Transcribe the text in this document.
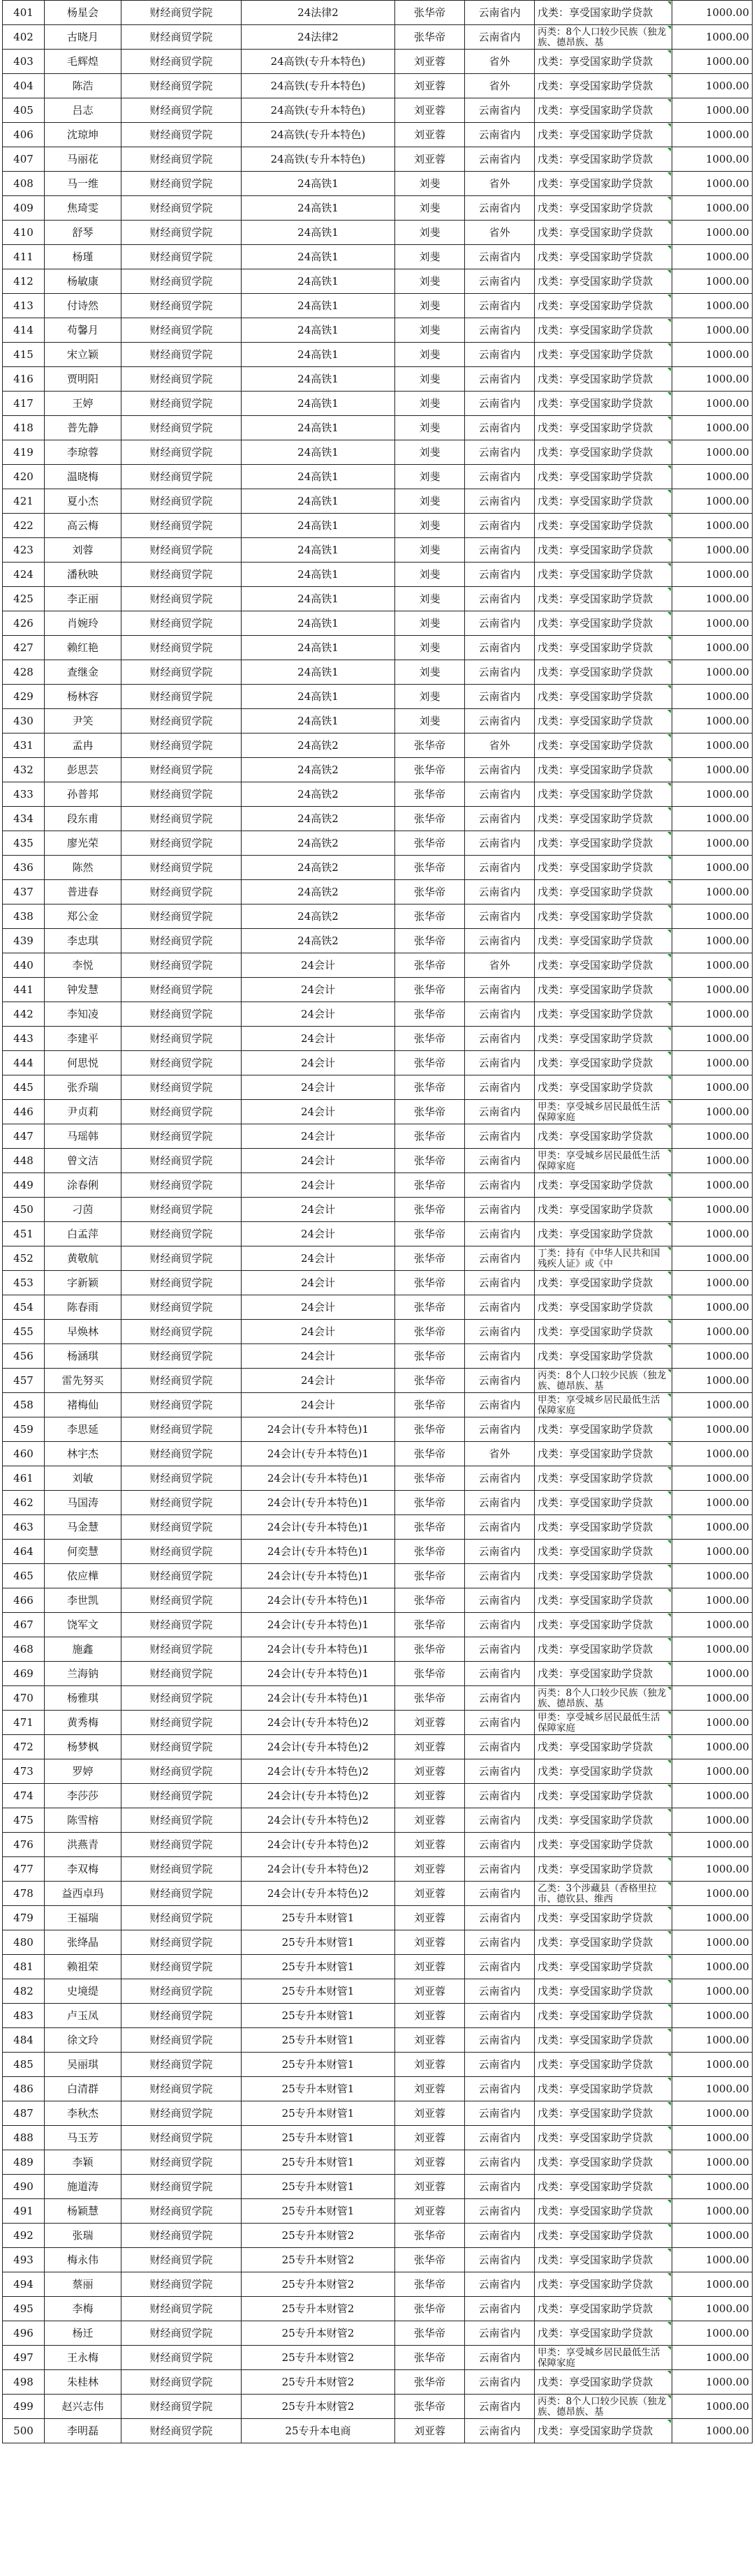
401	杨星会	财经商贸学院	24法律2	张华帝	云南省内	戊类：享受国家助学贷款	1000.00
402	古晓月	财经商贸学院	24法律2	张华帝	云南省内	丙类：8个人口较少民族（独龙族、德昂族、基	1000.00
403	毛辉煌	财经商贸学院	24高铁(专升本特色)	刘亚蓉	省外	戊类：享受国家助学贷款	1000.00
404	陈浩	财经商贸学院	24高铁(专升本特色)	刘亚蓉	省外	戊类：享受国家助学贷款	1000.00
405	吕志	财经商贸学院	24高铁(专升本特色)	刘亚蓉	云南省内	戊类：享受国家助学贷款	1000.00
406	沈琼坤	财经商贸学院	24高铁(专升本特色)	刘亚蓉	云南省内	戊类：享受国家助学贷款	1000.00
407	马丽花	财经商贸学院	24高铁(专升本特色)	刘亚蓉	云南省内	戊类：享受国家助学贷款	1000.00
408	马一维	财经商贸学院	24高铁1	刘斐	省外	戊类：享受国家助学贷款	1000.00
409	焦琦雯	财经商贸学院	24高铁1	刘斐	云南省内	戊类：享受国家助学贷款	1000.00
410	舒琴	财经商贸学院	24高铁1	刘斐	省外	戊类：享受国家助学贷款	1000.00
411	杨瑾	财经商贸学院	24高铁1	刘斐	云南省内	戊类：享受国家助学贷款	1000.00
412	杨敏康	财经商贸学院	24高铁1	刘斐	云南省内	戊类：享受国家助学贷款	1000.00
413	付诗然	财经商贸学院	24高铁1	刘斐	云南省内	戊类：享受国家助学贷款	1000.00
414	苟馨月	财经商贸学院	24高铁1	刘斐	云南省内	戊类：享受国家助学贷款	1000.00
415	宋立颖	财经商贸学院	24高铁1	刘斐	云南省内	戊类：享受国家助学贷款	1000.00
416	贾明阳	财经商贸学院	24高铁1	刘斐	云南省内	戊类：享受国家助学贷款	1000.00
417	王婷	财经商贸学院	24高铁1	刘斐	云南省内	戊类：享受国家助学贷款	1000.00
418	普先静	财经商贸学院	24高铁1	刘斐	云南省内	戊类：享受国家助学贷款	1000.00
419	李琼蓉	财经商贸学院	24高铁1	刘斐	云南省内	戊类：享受国家助学贷款	1000.00
420	温晓梅	财经商贸学院	24高铁1	刘斐	云南省内	戊类：享受国家助学贷款	1000.00
421	夏小杰	财经商贸学院	24高铁1	刘斐	云南省内	戊类：享受国家助学贷款	1000.00
422	高云梅	财经商贸学院	24高铁1	刘斐	云南省内	戊类：享受国家助学贷款	1000.00
423	刘蓉	财经商贸学院	24高铁1	刘斐	云南省内	戊类：享受国家助学贷款	1000.00
424	潘秋映	财经商贸学院	24高铁1	刘斐	云南省内	戊类：享受国家助学贷款	1000.00
425	李正丽	财经商贸学院	24高铁1	刘斐	云南省内	戊类：享受国家助学贷款	1000.00
426	肖婉玲	财经商贸学院	24高铁1	刘斐	云南省内	戊类：享受国家助学贷款	1000.00
427	赖红艳	财经商贸学院	24高铁1	刘斐	云南省内	戊类：享受国家助学贷款	1000.00
428	查继金	财经商贸学院	24高铁1	刘斐	云南省内	戊类：享受国家助学贷款	1000.00
429	杨林容	财经商贸学院	24高铁1	刘斐	云南省内	戊类：享受国家助学贷款	1000.00
430	尹笑	财经商贸学院	24高铁1	刘斐	云南省内	戊类：享受国家助学贷款	1000.00
431	孟冉	财经商贸学院	24高铁2	张华帝	省外	戊类：享受国家助学贷款	1000.00
432	彭思芸	财经商贸学院	24高铁2	张华帝	云南省内	戊类：享受国家助学贷款	1000.00
433	孙普邦	财经商贸学院	24高铁2	张华帝	云南省内	戊类：享受国家助学贷款	1000.00
434	段东甫	财经商贸学院	24高铁2	张华帝	云南省内	戊类：享受国家助学贷款	1000.00
435	廖光荣	财经商贸学院	24高铁2	张华帝	云南省内	戊类：享受国家助学贷款	1000.00
436	陈然	财经商贸学院	24高铁2	张华帝	云南省内	戊类：享受国家助学贷款	1000.00
437	普进春	财经商贸学院	24高铁2	张华帝	云南省内	戊类：享受国家助学贷款	1000.00
438	郑公金	财经商贸学院	24高铁2	张华帝	云南省内	戊类：享受国家助学贷款	1000.00
439	李忠琪	财经商贸学院	24高铁2	张华帝	云南省内	戊类：享受国家助学贷款	1000.00
440	李悦	财经商贸学院	24会计	张华帝	省外	戊类：享受国家助学贷款	1000.00
441	钟发慧	财经商贸学院	24会计	张华帝	云南省内	戊类：享受国家助学贷款	1000.00
442	李知凌	财经商贸学院	24会计	张华帝	云南省内	戊类：享受国家助学贷款	1000.00
443	李建平	财经商贸学院	24会计	张华帝	云南省内	戊类：享受国家助学贷款	1000.00
444	何思悦	财经商贸学院	24会计	张华帝	云南省内	戊类：享受国家助学贷款	1000.00
445	张乔瑞	财经商贸学院	24会计	张华帝	云南省内	戊类：享受国家助学贷款	1000.00
446	尹贞莉	财经商贸学院	24会计	张华帝	云南省内	甲类：享受城乡居民最低生活保障家庭	1000.00
447	马瑶韩	财经商贸学院	24会计	张华帝	云南省内	戊类：享受国家助学贷款	1000.00
448	曾文洁	财经商贸学院	24会计	张华帝	云南省内	甲类：享受城乡居民最低生活保障家庭	1000.00
449	涂春俐	财经商贸学院	24会计	张华帝	云南省内	戊类：享受国家助学贷款	1000.00
450	刁茵	财经商贸学院	24会计	张华帝	云南省内	戊类：享受国家助学贷款	1000.00
451	白孟萍	财经商贸学院	24会计	张华帝	云南省内	戊类：享受国家助学贷款	1000.00
452	黄敬航	财经商贸学院	24会计	张华帝	云南省内	丁类：持有《中华人民共和国残疾人证》或《中	1000.00
453	字新颖	财经商贸学院	24会计	张华帝	云南省内	戊类：享受国家助学贷款	1000.00
454	陈春雨	财经商贸学院	24会计	张华帝	云南省内	戊类：享受国家助学贷款	1000.00
455	早焕林	财经商贸学院	24会计	张华帝	云南省内	戊类：享受国家助学贷款	1000.00
456	杨涵琪	财经商贸学院	24会计	张华帝	云南省内	戊类：享受国家助学贷款	1000.00
457	雷先努买	财经商贸学院	24会计	张华帝	云南省内	丙类：8个人口较少民族（独龙族、德昂族、基	1000.00
458	褚梅仙	财经商贸学院	24会计	张华帝	云南省内	甲类：享受城乡居民最低生活保障家庭	1000.00
459	李思延	财经商贸学院	24会计(专升本特色)1	张华帝	云南省内	戊类：享受国家助学贷款	1000.00
460	林宇杰	财经商贸学院	24会计(专升本特色)1	张华帝	省外	戊类：享受国家助学贷款	1000.00
461	刘敏	财经商贸学院	24会计(专升本特色)1	张华帝	云南省内	戊类：享受国家助学贷款	1000.00
462	马国涛	财经商贸学院	24会计(专升本特色)1	张华帝	云南省内	戊类：享受国家助学贷款	1000.00
463	马金慧	财经商贸学院	24会计(专升本特色)1	张华帝	云南省内	戊类：享受国家助学贷款	1000.00
464	何奕慧	财经商贸学院	24会计(专升本特色)1	张华帝	云南省内	戊类：享受国家助学贷款	1000.00
465	依应樺	财经商贸学院	24会计(专升本特色)1	张华帝	云南省内	戊类：享受国家助学贷款	1000.00
466	李世凯	财经商贸学院	24会计(专升本特色)1	张华帝	云南省内	戊类：享受国家助学贷款	1000.00
467	饶军文	财经商贸学院	24会计(专升本特色)1	张华帝	云南省内	戊类：享受国家助学贷款	1000.00
468	施鑫	财经商贸学院	24会计(专升本特色)1	张华帝	云南省内	戊类：享受国家助学贷款	1000.00
469	兰海钠	财经商贸学院	24会计(专升本特色)1	张华帝	云南省内	戊类：享受国家助学贷款	1000.00
470	杨雅琪	财经商贸学院	24会计(专升本特色)1	张华帝	云南省内	丙类：8个人口较少民族（独龙族、德昂族、基	1000.00
471	黄秀梅	财经商贸学院	24会计(专升本特色)2	刘亚蓉	云南省内	甲类：享受城乡居民最低生活保障家庭	1000.00
472	杨梦枫	财经商贸学院	24会计(专升本特色)2	刘亚蓉	云南省内	戊类：享受国家助学贷款	1000.00
473	罗婷	财经商贸学院	24会计(专升本特色)2	刘亚蓉	云南省内	戊类：享受国家助学贷款	1000.00
474	李莎莎	财经商贸学院	24会计(专升本特色)2	刘亚蓉	云南省内	戊类：享受国家助学贷款	1000.00
475	陈雪榕	财经商贸学院	24会计(专升本特色)2	刘亚蓉	云南省内	戊类：享受国家助学贷款	1000.00
476	洪燕青	财经商贸学院	24会计(专升本特色)2	刘亚蓉	云南省内	戊类：享受国家助学贷款	1000.00
477	李双梅	财经商贸学院	24会计(专升本特色)2	刘亚蓉	云南省内	戊类：享受国家助学贷款	1000.00
478	益西卓玛	财经商贸学院	24会计(专升本特色)2	刘亚蓉	云南省内	乙类：3个涉藏县（香格里拉市、德钦县、维西	1000.00
479	王福瑞	财经商贸学院	25专升本财管1	刘亚蓉	云南省内	戊类：享受国家助学贷款	1000.00
480	张绛晶	财经商贸学院	25专升本财管1	刘亚蓉	云南省内	戊类：享受国家助学贷款	1000.00
481	赖祖荣	财经商贸学院	25专升本财管1	刘亚蓉	云南省内	戊类：享受国家助学贷款	1000.00
482	史境缇	财经商贸学院	25专升本财管1	刘亚蓉	云南省内	戊类：享受国家助学贷款	1000.00
483	卢玉凤	财经商贸学院	25专升本财管1	刘亚蓉	云南省内	戊类：享受国家助学贷款	1000.00
484	徐文玲	财经商贸学院	25专升本财管1	刘亚蓉	云南省内	戊类：享受国家助学贷款	1000.00
485	吴丽琪	财经商贸学院	25专升本财管1	刘亚蓉	云南省内	戊类：享受国家助学贷款	1000.00
486	白清群	财经商贸学院	25专升本财管1	刘亚蓉	云南省内	戊类：享受国家助学贷款	1000.00
487	李秋杰	财经商贸学院	25专升本财管1	刘亚蓉	云南省内	戊类：享受国家助学贷款	1000.00
488	马玉芳	财经商贸学院	25专升本财管1	刘亚蓉	云南省内	戊类：享受国家助学贷款	1000.00
489	李颖	财经商贸学院	25专升本财管1	刘亚蓉	云南省内	戊类：享受国家助学贷款	1000.00
490	施道涛	财经商贸学院	25专升本财管1	刘亚蓉	云南省内	戊类：享受国家助学贷款	1000.00
491	杨颖慧	财经商贸学院	25专升本财管1	刘亚蓉	云南省内	戊类：享受国家助学贷款	1000.00
492	张瑞	财经商贸学院	25专升本财管2	张华帝	云南省内	戊类：享受国家助学贷款	1000.00
493	梅永伟	财经商贸学院	25专升本财管2	张华帝	云南省内	戊类：享受国家助学贷款	1000.00
494	蔡丽	财经商贸学院	25专升本财管2	张华帝	云南省内	戊类：享受国家助学贷款	1000.00
495	李梅	财经商贸学院	25专升本财管2	张华帝	云南省内	戊类：享受国家助学贷款	1000.00
496	杨迁	财经商贸学院	25专升本财管2	张华帝	云南省内	戊类：享受国家助学贷款	1000.00
497	王永梅	财经商贸学院	25专升本财管2	张华帝	云南省内	甲类：享受城乡居民最低生活保障家庭	1000.00
498	朱桂林	财经商贸学院	25专升本财管2	张华帝	云南省内	戊类：享受国家助学贷款	1000.00
499	赵兴志伟	财经商贸学院	25专升本财管2	张华帝	云南省内	丙类：8个人口较少民族（独龙族、德昂族、基	1000.00
500	李明磊	财经商贸学院	25专升本电商	刘亚蓉	云南省内	戊类：享受国家助学贷款	1000.00
